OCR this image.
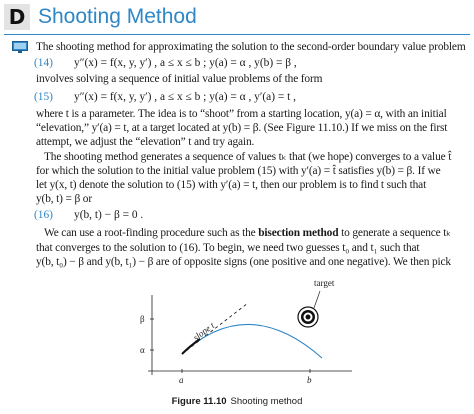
D Shooting Method
The shooting method for approximating the solution to the second-order boundary value problem
(14) y″(x) = f(x, y, y′) , a ≤ x ≤ b ; y(a) = α , y(b) = β ,
involves solving a sequence of initial value problems of the form
(15) y″(x) = f(x, y, y′) , a ≤ x ≤ b ; y(a) = α , y′(a) = t ,
where t is a parameter. The idea is to “shoot” from a starting location, y(a) = α, with an initial
“elevation,” y′(a) = t, at a target located at y(b) = β. (See Figure 11.10.) If we miss on the first
attempt, we adjust the “elevation” t and try again.
The shooting method generates a sequence of values tₖ that (we hope) converges to a value t̂
for which the solution to the initial value problem (15) with y′(a) = t̂ satisfies y(b) = β. If we
let y(x, t) denote the solution to (15) with y′(a) = t, then our problem is to find t such that
y(b, t) = β or
(16) y(b, t) − β = 0 .
We can use a root-finding procedure such as the bisection method to generate a sequence tₖ
that converges to the solution to (16). To begin, we need two guesses t₀ and t₁ such that
y(b, t₀) − β and y(b, t₁) − β are of opposite signs (one positive and one negative). We then pick
β
α
a	b
slope t
target
Figure 11.10 Shooting method
